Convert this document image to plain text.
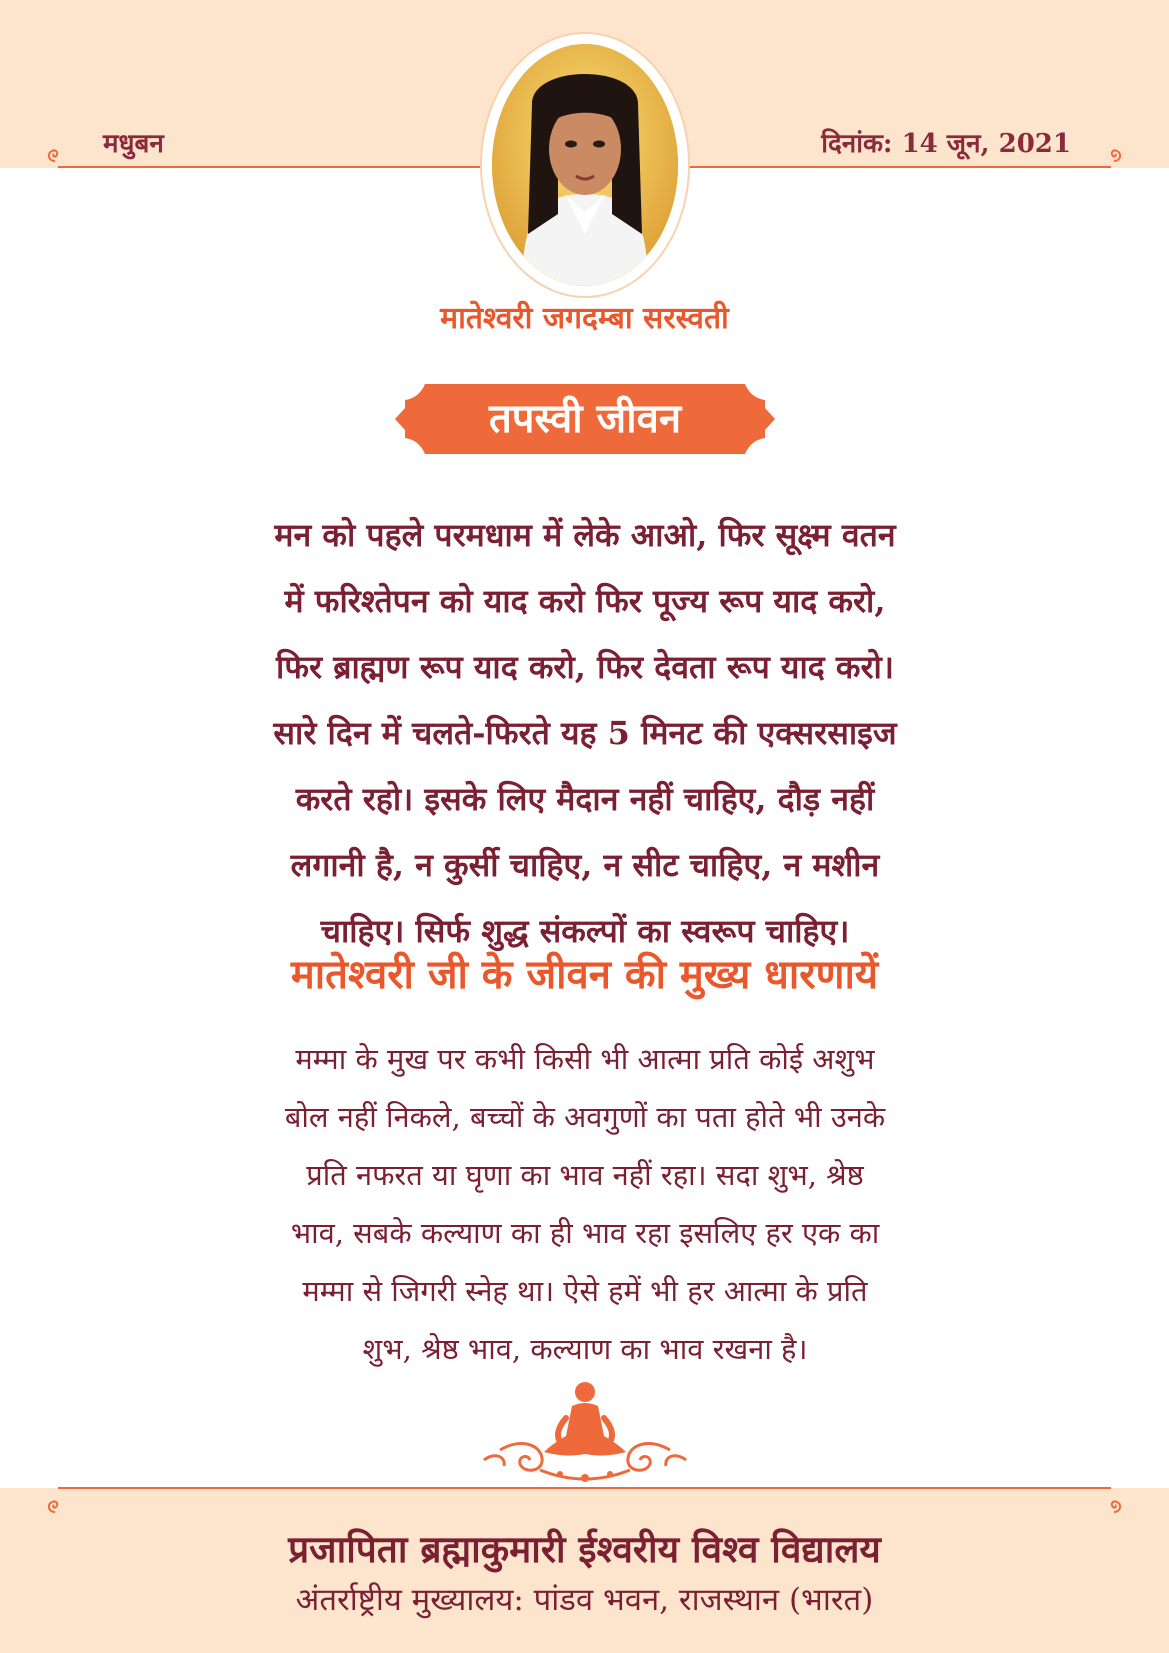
मधुबन	दिनांक: 14 जून, 2021
मातेश्वरी जगदम्बा सरस्वती
तपस्वी जीवन
मन को पहले परमधाम में लेके आओ, फिर सूक्ष्म वतन
में फरिश्तेपन को याद करो फिर पूज्य रूप याद करो,
फिर ब्राह्मण रूप याद करो, फिर देवता रूप याद करो।
सारे दिन में चलते-फिरते यह 5 मिनट की एक्सरसाइज
करते रहो। इसके लिए मैदान नहीं चाहिए, दौड़ नहीं
लगानी है, न कुर्सी चाहिए, न सीट चाहिए, न मशीन
चाहिए। सिर्फ शुद्ध संकल्पों का स्वरूप चाहिए।
मातेश्वरी जी के जीवन की मुख्य धारणायें
मम्मा के मुख पर कभी किसी भी आत्मा प्रति कोई अशुभ
बोल नहीं निकले, बच्चों के अवगुणों का पता होते भी उनके
प्रति नफरत या घृणा का भाव नहीं रहा। सदा शुभ, श्रेष्ठ
भाव, सबके कल्याण का ही भाव रहा इसलिए हर एक का
मम्मा से जिगरी स्नेह था। ऐसे हमें भी हर आत्मा के प्रति
शुभ, श्रेष्ठ भाव, कल्याण का भाव रखना है।
प्रजापिता ब्रह्माकुमारी ईश्वरीय विश्व विद्यालय
अंतर्राष्ट्रीय मुख्यालय: पांडव भवन, राजस्थान (भारत)
